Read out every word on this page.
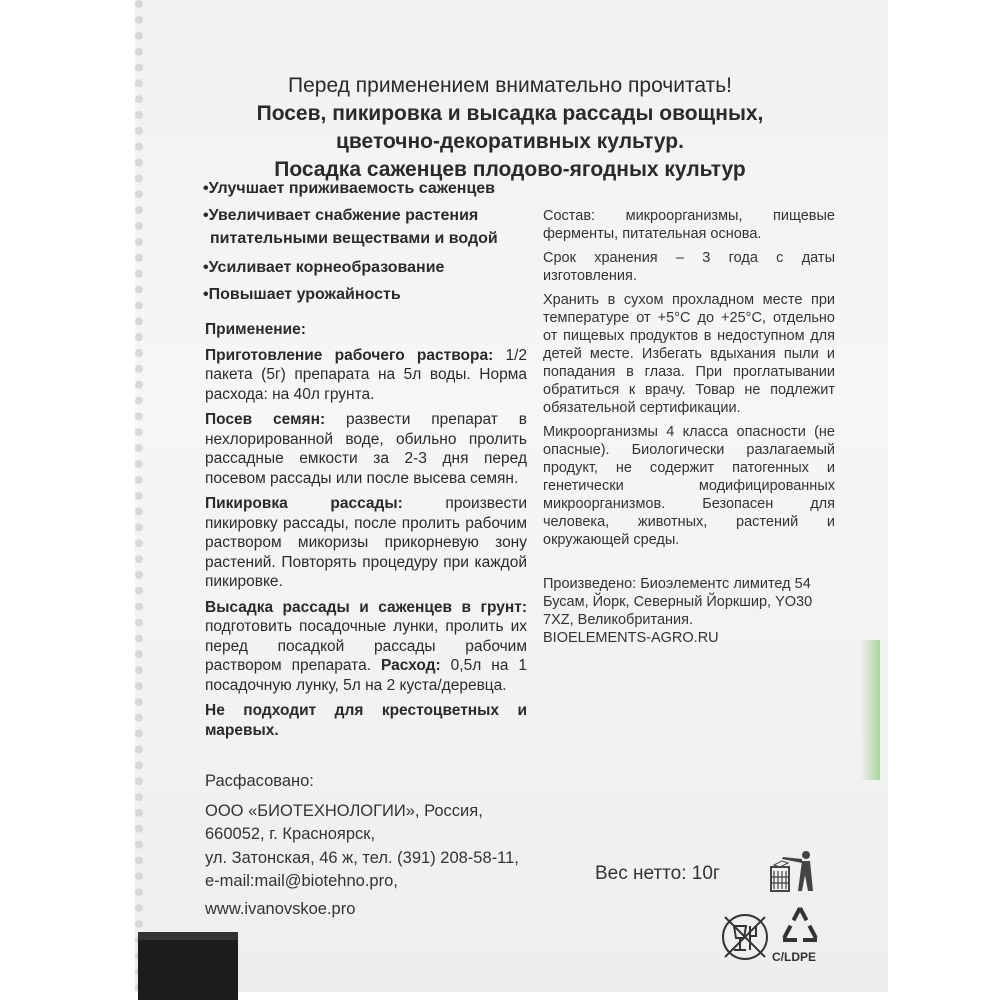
Перед применением внимательно прочитать!
Посев, пикировка и высадка рассады овощных,
цветочно-декоративных культур.
Посадка саженцев плодово-ягодных культур
•Улучшает приживаемость саженцев
•Увеличивает снабжение растения
питательными веществами и водой
•Усиливает корнеобразование
•Повышает урожайность

Применение:

Приготовление рабочего раствора: 1/2 пакета (5г) препарата на 5л воды. Норма расхода: на 40л грунта.

Посев семян: развести препарат в нехлорированной воде, обильно пролить рассадные емкости за 2-3 дня перед посевом рассады или после высева семян.

Пикировка рассады: произвести пикировку рассады, после пролить рабочим раствором микоризы прикорневую зону растений. Повторять процедуру при каждой пикировке.

Высадка рассады и саженцев в грунт: подготовить посадочные лунки, пролить их перед посадкой рассады рабочим раствором препарата. Расход: 0,5л на 1 посадочную лунку, 5л на 2 куста/деревца.

Не подходит для крестоцветных и маревых.

Состав: микроорганизмы, пищевые ферменты, питательная основа.

Срок хранения – 3 года с даты изготовления.

Хранить в сухом прохладном месте при температуре от +5°С до +25°С, отдельно от пищевых продуктов в недоступном для детей месте. Избегать вдыхания пыли и попадания в глаза. При проглатывании обратиться к врачу. Товар не подлежит обязательной сертификации.

Микроорганизмы 4 класса опасности (не опасные). Биологически разлагаемый продукт, не содержит патогенных и генетически модифицированных микроорганизмов. Безопасен для человека, животных, растений и окружающей среды.

Произведено: Биоэлементс лимитед 54 Бусам, Йорк, Северный Йоркшир, YO30 7XZ, Великобритания.

BIOELEMENTS-AGRO.RU

Расфасовано:
ООО «БИОТЕХНОЛОГИИ», Россия,
660052, г. Красноярск,
ул. Затонская, 46 ж, тел. (391) 208-58-11,
e-mail:mail@biotehno.pro,
www.ivanovskoe.pro
Вес нетто: 10г
C/LDPE
